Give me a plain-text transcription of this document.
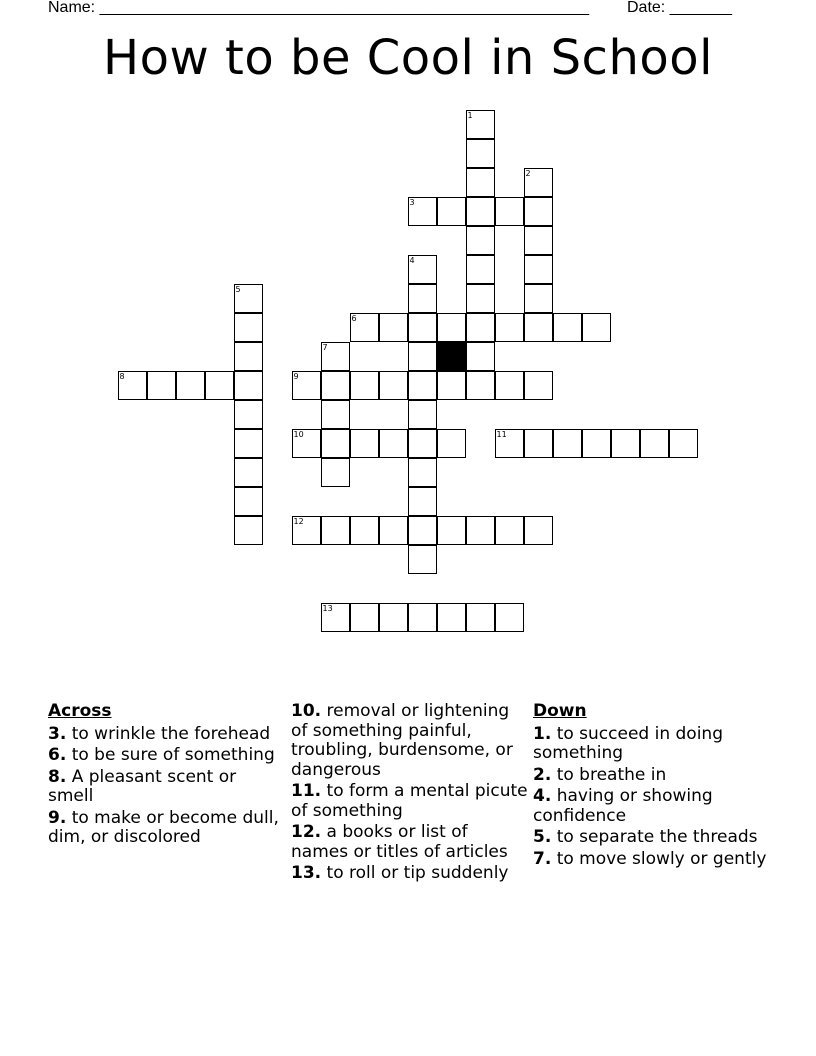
Name: _______________________________________________________ Date: _______
How to be Cool in School
1
2
3
4
5
6
7
8	9
10	11
12
13
Across
3. to wrinkle the forehead
6. to be sure of something
8. A pleasant scent or smell
9. to make or become dull, dim, or discolored
10. removal or lightening of something painful, troubling, burdensome, or dangerous
11. to form a mental picute of something
12. a books or list of names or titles of articles
13. to roll or tip suddenly
Down
1. to succeed in doing something
2. to breathe in
4. having or showing confidence
5. to separate the threads
7. to move slowly or gently
